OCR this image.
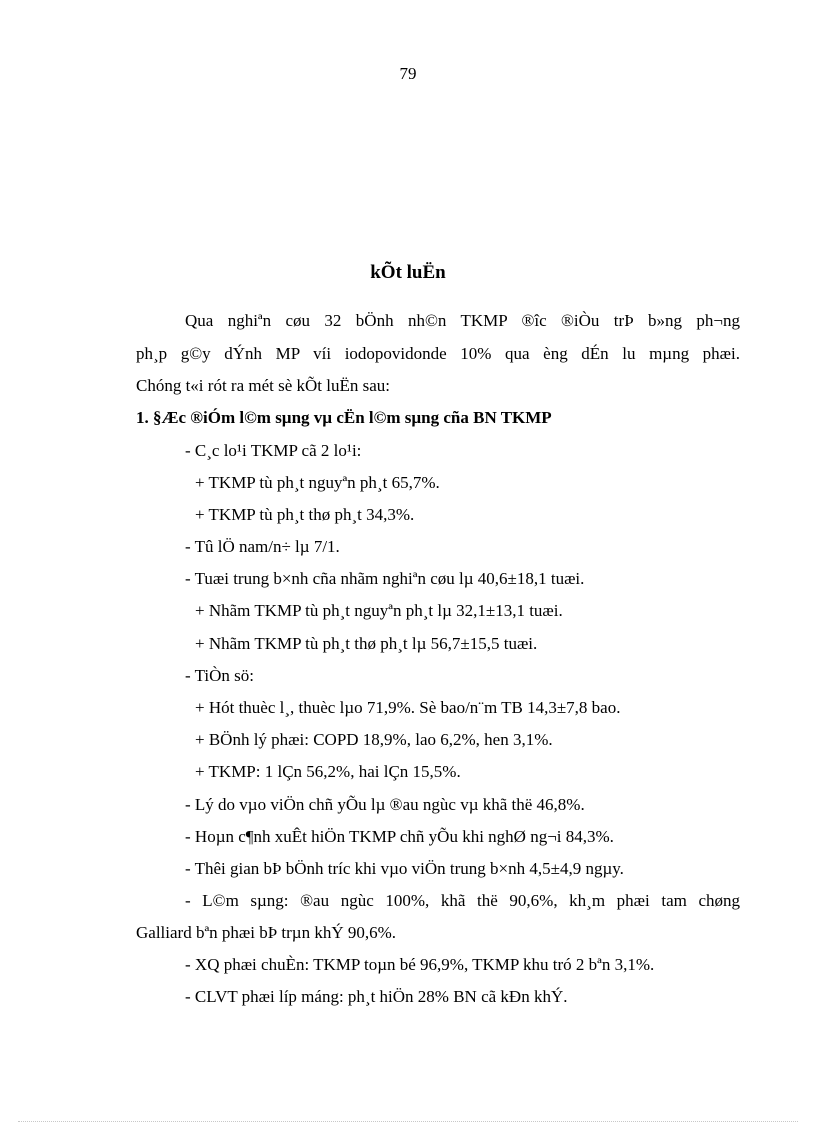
79
kÕt luËn
Qua nghiªn cøu 32 bÖnh nh©n TKMP ®îc ®iÒu trÞ b»ng ph¬ng
ph¸p g©y dÝnh MP víi iodopovidonde 10% qua èng dÉn lu mµng phæi.
Chóng t«i rót ra mét sè kÕt luËn sau:
1. §Æc ®iÓm l©m sµng vµ cËn l©m sµng cña BN TKMP
- C¸c lo¹i TKMP cã 2 lo¹i:
+ TKMP tù ph¸t nguyªn ph¸t 65,7%.
+ TKMP tù ph¸t thø ph¸t 34,3%.
- Tû lÖ nam/n÷ lµ 7/1.
- Tuæi trung b×nh cña nhãm nghiªn cøu lµ 40,6±18,1 tuæi.
+ Nhãm TKMP tù ph¸t nguyªn ph¸t lµ 32,1±13,1 tuæi.
+ Nhãm TKMP tù ph¸t thø ph¸t lµ 56,7±15,5 tuæi.
- TiÒn sö:
+ Hót thuèc l¸, thuèc lµo 71,9%. Sè bao/n¨m TB 14,3±7,8 bao.
+ BÖnh lý phæi: COPD 18,9%, lao 6,2%, hen 3,1%.
+ TKMP: 1 lÇn 56,2%, hai lÇn 15,5%.
- Lý do vµo viÖn chñ yÕu lµ ®au ngùc vµ khã thë 46,8%.
- Hoµn c¶nh xuÊt hiÖn TKMP chñ yÕu khi nghØ ng¬i 84,3%.
- Thêi gian bÞ bÖnh tríc khi vµo viÖn trung b×nh 4,5±4,9 ngµy.
- L©m sµng: ®au ngùc 100%, khã thë 90,6%, kh¸m phæi tam chøng
Galliard bªn phæi bÞ trµn khÝ 90,6%.
- XQ phæi chuÈn: TKMP toµn bé 96,9%, TKMP khu tró 2 bªn 3,1%.
- CLVT phæi líp máng: ph¸t hiÖn 28% BN cã kÐn khÝ.
